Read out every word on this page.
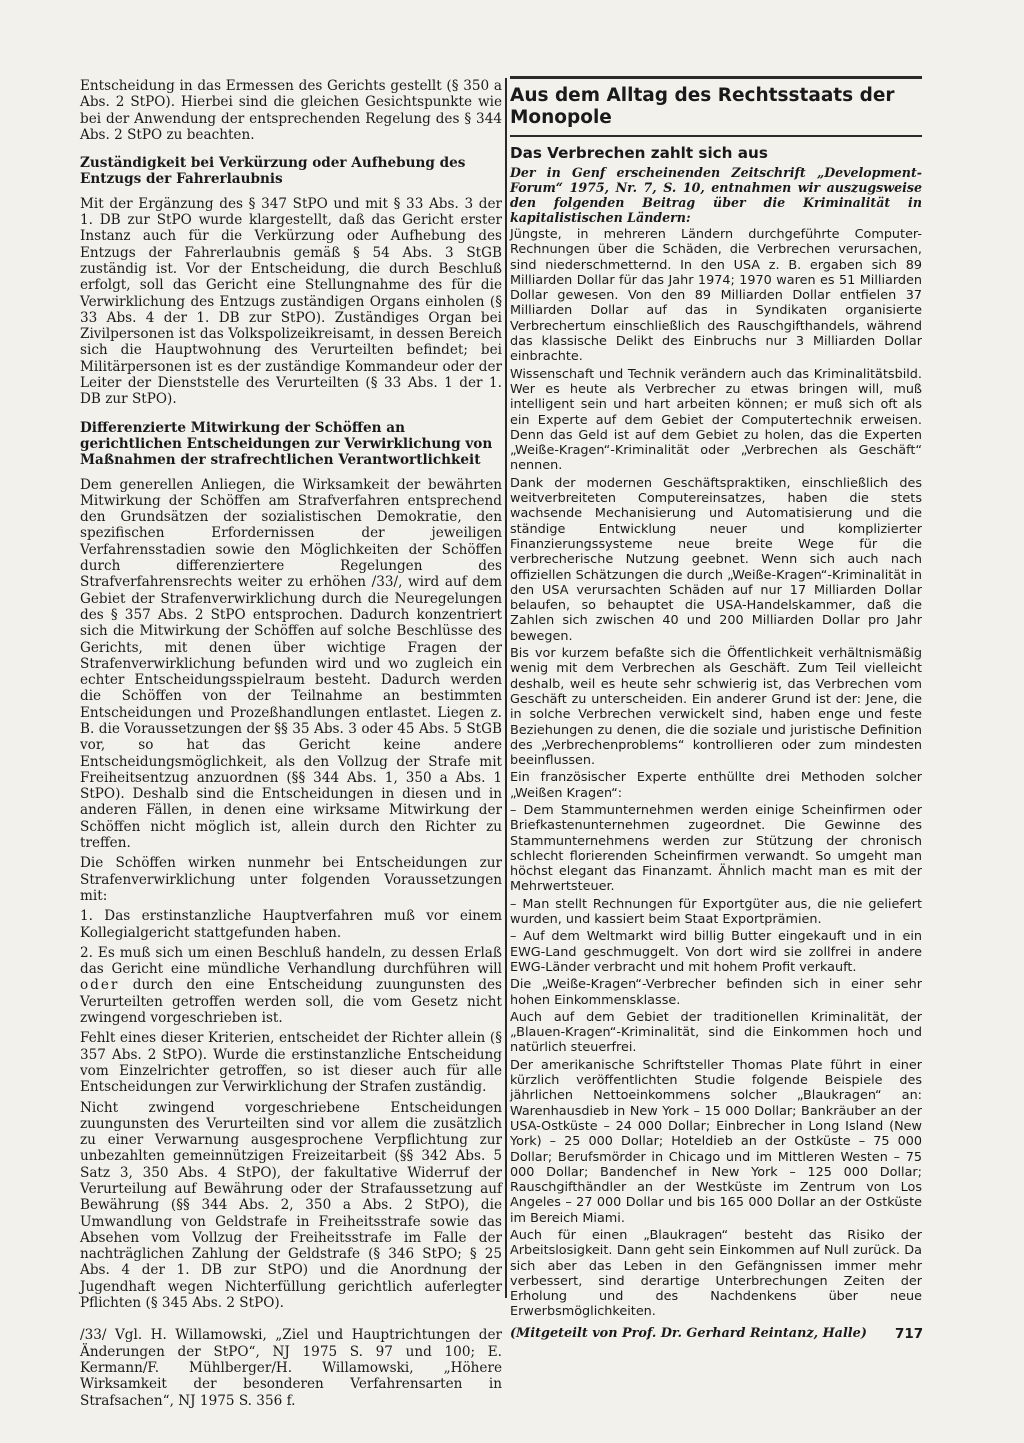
Entscheidung in das Ermessen des Gerichts gestellt (§ 350 a Abs. 2 StPO). Hierbei sind die gleichen Gesichtspunkte wie bei der Anwendung der entsprechenden Regelung des § 344 Abs. 2 StPO zu beachten.

Zuständigkeit bei Verkürzung oder Aufhebung des Entzugs der Fahrerlaubnis

Mit der Ergänzung des § 347 StPO und mit § 33 Abs. 3 der 1. DB zur StPO wurde klargestellt, daß das Gericht erster Instanz auch für die Verkürzung oder Aufhebung des Entzugs der Fahrerlaubnis gemäß § 54 Abs. 3 StGB zuständig ist. Vor der Entscheidung, die durch Beschluß erfolgt, soll das Gericht eine Stellungnahme des für die Verwirklichung des Entzugs zuständigen Organs einholen (§ 33 Abs. 4 der 1. DB zur StPO). Zuständiges Organ bei Zivilpersonen ist das Volkspolizeikreisamt, in dessen Bereich sich die Hauptwohnung des Verurteilten befindet; bei Militärpersonen ist es der zuständige Kommandeur oder der Leiter der Dienststelle des Verurteilten (§ 33 Abs. 1 der 1. DB zur StPO).

Differenzierte Mitwirkung der Schöffen an gerichtlichen Entscheidungen zur Verwirklichung von Maßnahmen der strafrechtlichen Verantwortlichkeit

Dem generellen Anliegen, die Wirksamkeit der bewährten Mitwirkung der Schöffen am Strafverfahren entsprechend den Grundsätzen der sozialistischen Demokratie, den spezifischen Erfordernissen der jeweiligen Verfahrensstadien sowie den Möglichkeiten der Schöffen durch differenziertere Regelungen des Strafverfahrensrechts weiter zu erhöhen /33/, wird auf dem Gebiet der Strafenverwirklichung durch die Neuregelungen des § 357 Abs. 2 StPO entsprochen. Dadurch konzentriert sich die Mitwirkung der Schöffen auf solche Beschlüsse des Gerichts, mit denen über wichtige Fragen der Strafenverwirklichung befunden wird und wo zugleich ein echter Entscheidungsspielraum besteht. Dadurch werden die Schöffen von der Teilnahme an bestimmten Entscheidungen und Prozeßhandlungen entlastet. Liegen z. B. die Voraussetzungen der §§ 35 Abs. 3 oder 45 Abs. 5 StGB vor, so hat das Gericht keine andere Entscheidungsmöglichkeit, als den Vollzug der Strafe mit Freiheitsentzug anzuordnen (§§ 344 Abs. 1, 350 a Abs. 1 StPO). Deshalb sind die Entscheidungen in diesen und in anderen Fällen, in denen eine wirksame Mitwirkung der Schöffen nicht möglich ist, allein durch den Richter zu treffen.

Die Schöffen wirken nunmehr bei Entscheidungen zur Strafenverwirklichung unter folgenden Voraussetzungen mit:

1. Das erstinstanzliche Hauptverfahren muß vor einem Kollegialgericht stattgefunden haben.
2. Es muß sich um einen Beschluß handeln, zu dessen Erlaß das Gericht eine mündliche Verhandlung durchführen will oder durch den eine Entscheidung zuungunsten des Verurteilten getroffen werden soll, die vom Gesetz nicht zwingend vorgeschrieben ist.

Fehlt eines dieser Kriterien, entscheidet der Richter allein (§ 357 Abs. 2 StPO). Wurde die erstinstanzliche Entscheidung vom Einzelrichter getroffen, so ist dieser auch für alle Entscheidungen zur Verwirklichung der Strafen zuständig.

Nicht zwingend vorgeschriebene Entscheidungen zuungunsten des Verurteilten sind vor allem die zusätzlich zu einer Verwarnung ausgesprochene Verpflichtung zur unbezahlten gemeinnützigen Freizeitarbeit (§§ 342 Abs. 5 Satz 3, 350 Abs. 4 StPO), der fakultative Widerruf der Verurteilung auf Bewährung oder der Strafaussetzung auf Bewährung (§§ 344 Abs. 2, 350 a Abs. 2 StPO), die Umwandlung von Geldstrafe in Freiheitsstrafe sowie das Absehen vom Vollzug der Freiheitsstrafe im Falle der nachträglichen Zahlung der Geldstrafe (§ 346 StPO; § 25 Abs. 4 der 1. DB zur StPO) und die Anordnung der Jugendhaft wegen Nichterfüllung gerichtlich auferlegter Pflichten (§ 345 Abs. 2 StPO).

/33/ Vgl. H. Willamowski, „Ziel und Hauptrichtungen der Änderungen der StPO“, NJ 1975 S. 97 und 100; E. Kermann/F. Mühlberger/H. Willamowski, „Höhere Wirksamkeit der besonderen Verfahrensarten in Strafsachen“, NJ 1975 S. 356 f.

Aus dem Alltag des Rechtsstaats der Monopole
Das Verbrechen zahlt sich aus

Der in Genf erscheinenden Zeitschrift „Development-Forum“ 1975, Nr. 7, S. 10, entnahmen wir auszugsweise den folgenden Beitrag über die Kriminalität in kapitalistischen Ländern:

Jüngste, in mehreren Ländern durchgeführte Computer-Rechnungen über die Schäden, die Verbrechen verursachen, sind niederschmetternd. In den USA z. B. ergaben sich 89 Milliarden Dollar für das Jahr 1974; 1970 waren es 51 Milliarden Dollar gewesen. Von den 89 Milliarden Dollar entfielen 37 Milliarden Dollar auf das in Syndikaten organisierte Verbrechertum einschließlich des Rauschgifthandels, während das klassische Delikt des Einbruchs nur 3 Milliarden Dollar einbrachte.

Wissenschaft und Technik verändern auch das Kriminalitätsbild. Wer es heute als Verbrecher zu etwas bringen will, muß intelligent sein und hart arbeiten können; er muß sich oft als ein Experte auf dem Gebiet der Computertechnik erweisen. Denn das Geld ist auf dem Gebiet zu holen, das die Experten „Weiße-Kragen“-Kriminalität oder „Verbrechen als Geschäft“ nennen.

Dank der modernen Geschäftspraktiken, einschließlich des weitverbreiteten Computereinsatzes, haben die stets wachsende Mechanisierung und Automatisierung und die ständige Entwicklung neuer und komplizierter Finanzierungssysteme neue breite Wege für die verbrecherische Nutzung geebnet. Wenn sich auch nach offiziellen Schätzungen die durch „Weiße-Kragen“-Kriminalität in den USA verursachten Schäden auf nur 17 Milliarden Dollar belaufen, so behauptet die USA-Handelskammer, daß die Zahlen sich zwischen 40 und 200 Milliarden Dollar pro Jahr bewegen.

Bis vor kurzem befaßte sich die Öffentlichkeit verhältnismäßig wenig mit dem Verbrechen als Geschäft. Zum Teil vielleicht deshalb, weil es heute sehr schwierig ist, das Verbrechen vom Geschäft zu unterscheiden. Ein anderer Grund ist der: Jene, die in solche Verbrechen verwickelt sind, haben enge und feste Beziehungen zu denen, die die soziale und juristische Definition des „Verbrechenproblems“ kontrollieren oder zum mindesten beeinflussen.

Ein französischer Experte enthüllte drei Methoden solcher „Weißen Kragen“:

– Dem Stammunternehmen werden einige Scheinfirmen oder Briefkastenunternehmen zugeordnet. Die Gewinne des Stammunternehmens werden zur Stützung der chronisch schlecht florierenden Scheinfirmen verwandt. So umgeht man höchst elegant das Finanzamt. Ähnlich macht man es mit der Mehrwertsteuer.

– Man stellt Rechnungen für Exportgüter aus, die nie geliefert wurden, und kassiert beim Staat Exportprämien.

– Auf dem Weltmarkt wird billig Butter eingekauft und in ein EWG-Land geschmuggelt. Von dort wird sie zollfrei in andere EWG-Länder verbracht und mit hohem Profit verkauft.

Die „Weiße-Kragen“-Verbrecher befinden sich in einer sehr hohen Einkommensklasse.

Auch auf dem Gebiet der traditionellen Kriminalität, der „Blauen-Kragen“-Kriminalität, sind die Einkommen hoch und natürlich steuerfrei.

Der amerikanische Schriftsteller Thomas Plate führt in einer kürzlich veröffentlichten Studie folgende Beispiele des jährlichen Nettoeinkommens solcher „Blaukragen“ an: Warenhausdieb in New York – 15 000 Dollar; Bankräuber an der USA-Ostküste – 24 000 Dollar; Einbrecher in Long Island (New York) – 25 000 Dollar; Hoteldieb an der Ostküste – 75 000 Dollar; Berufsmörder in Chicago und im Mittleren Westen – 75 000 Dollar; Bandenchef in New York – 125 000 Dollar; Rauschgifthändler an der Westküste im Zentrum von Los Angeles – 27 000 Dollar und bis 165 000 Dollar an der Ostküste im Bereich Miami.

Auch für einen „Blaukragen“ besteht das Risiko der Arbeitslosigkeit. Dann geht sein Einkommen auf Null zurück. Da sich aber das Leben in den Gefängnissen immer mehr verbessert, sind derartige Unterbrechungen Zeiten der Erholung und des Nachdenkens über neue Erwerbsmöglichkeiten.

(Mitgeteilt von Prof. Dr. Gerhard Reintanz, Halle)	717
